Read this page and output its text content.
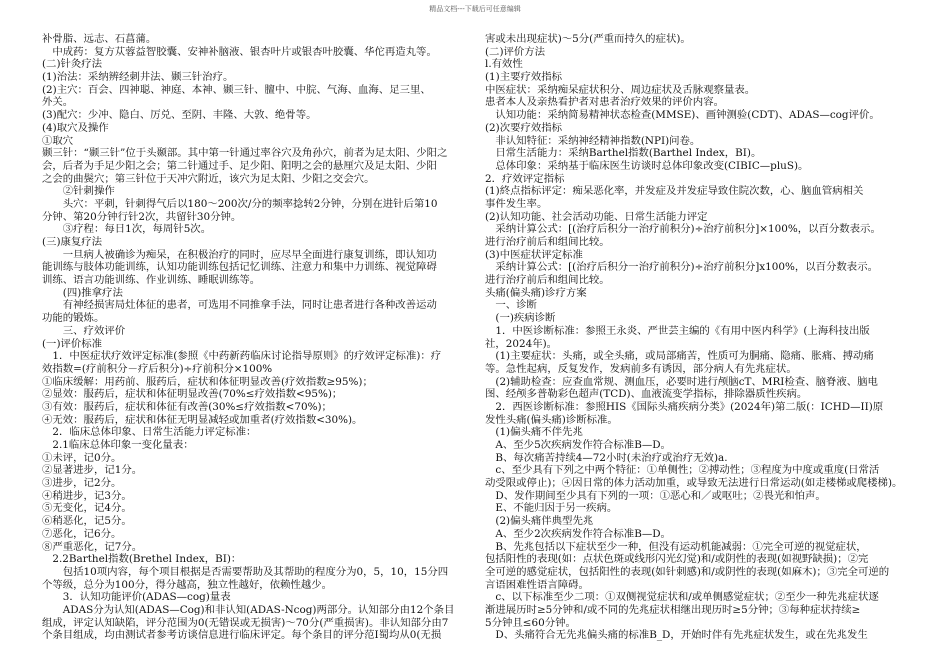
精品文档---下载后可任意编辑
补骨脂、远志、石菖蒲。
　中成药：复方苁蓉益智胶囊、安神补脑液、银杏叶片或银杏叶胶囊、华佗再造丸等。
(二)针灸疗法
(1)治法：采纳辨经刺井法、颞三针治疗。
(2)主穴：百会、四神聪、神庭、本神、颞三针、膻中、中脘、气海、血海、足三里、
外关。
(3)配穴：少冲、隐白、厉兑、至阴、丰隆、大敦、绝骨等。
(4)取穴及操作
①取穴
颞三针：“颞三针”位于头颞部。其中第一针通过率谷穴及角孙穴，前者为足太阳、少阳之
会，后者为手足少阳之会；第二针通过手、足少阳、阳明之会的悬厘穴及足太阳、少阳
之会的曲鬓穴；第三针位于天冲穴附近，该穴为足太阳、少阳之交会穴。
　　②针刺操作
　　头穴：平刺，针刺得气后以180～200次/分的频率捻转2分钟，分别在进针后第10
分钟、第20分钟行针2次，共留针30分钟。
　　③疗程：每日1次，每周针5次。
(三)康复疗法
　　一旦病人被确诊为痴呆，在积极治疗的同时，应尽早全面进行康复训练，即认知功
能训练与肢体功能训练，认知功能训练包括记忆训练、注意力和集中力训练、视觉障碍
训练、语言功能训练、作业训练、睡眠训练等。
　　(四)推拿疗法
　　有神经损害局灶体征的患者，可选用不同推拿手法，同时让患者进行各种改善运动
功能的锻炼。
　　三、疗效评价
(一)评价标准
　1．中医症状疗效评定标准(参照《中药新药临床讨论指导原则》的疗效评定标准)：疗
效指数=(疗前积分－疗后积分)÷疗前积分×100%
①临床缓解：用药前、服药后，症状和体征明显改善(疗效指数≥95%)；
②显效：服药后，症状和体征明显改善(70%≤疗效指数<95%)；
③有效：服药后，症状和体征有改善(30%≤疗效指数<70%)；
④无效：服药后，症状和体征无明显减轻或加重者(疗效指数<30%)。
　2．临床总体印象、日常生活能力评定标准：
　2.1临床总体印象一变化量表：
①未评，记0分。
②显著进步，记1分。
③进步，记2分。
④稍进步，记3分。
⑤无变化，记4分。
⑥稍恶化，记5分。
⑦恶化，记6分。
⑧严重恶化，记7分。
　2.2Barthel指数(Brethel Index，BI)：
　　包括10项内容，每个项目根据是否需要帮助及其帮助的程度分为0，5，10，15分四
个等级，总分为100分，得分越高，独立性越好，依赖性越少。
　　3．认知功能评价(ADAS—cog)量表
　　ADAS分为认知(ADAS—Cog)和非认知(ADAS-Ncog)两部分。认知部分由12个条目
组成，评定认知缺陷，评分范围为0(无错误或无损害)～70分(严重损害)。非认知部分由7
个条目组成，均由测试者参考访谈信息进行临床评定。每个条目的评分范I蜀均从0(无损
害或未出现症状)～5分(严重而持久的症状)。
(二)评价方法
l.有效性
(1)主要疗效指标
中医症状：采纳痴呆症状积分、周边症状及舌脉观察量表。
患者本人及亲热看护者对患者治疗效果的评价内容。
　认知功能：采纳简易精神状态检查(MMSE)、画钟测验(CDT)、ADAS—cog评价。
(2)次要疗效指标
　非认知特征：采纳神经精神指数(NPI)问卷。
　日常生活能力：采纳Barthel指数(Barthel Index，BI)。
　总体印象：采纳基于临床医生访谈时总体印象改变(CIBIC—pluS)。
2．疗效评定指标
(1)終点指标评定：痴呆恶化率，并发症及并发症导致住院次数，心、脑血管病相关
事件发生率。
(2)认知功能、社会活动功能、日常生活能力评定
　采纳计算公式：[(治疗后积分一治疗前积分)÷治疗前积分]×100%，以百分数表示。
进行治疗前后和组间比较。
(3)中医症状评定标准
　采纳计算公式：[(治疗后积分一治疗前积分)÷治疗前积分]x100%，以百分数表示。
进行治疗前后和组间比较。
头痛(偏头痛)诊疗方案
　一、诊断
　(一)疾病诊断
　1．中医诊断标准：参照王永炎、严世芸主编的《有用中医内科学》(上海科技出版
社，2024年)。
　(1)主要症状：头痛，或全头痛，或局部痛苦，性质可为胴痛、隐痛、胀痛、搏动痛
等。急性起病，反复发作，发病前多有诱因，部分病人有先兆症状。
　(2)辅助检查：应查血常规、测血压，必要时进行颅脑cT、MRI检查、脑脊液、脑电
图、经颅多普勒彩色超声(TCD)、血液流变学指标，排除器质性疾病。
　2．西医诊断标准：参照HIS《国际头痛疾病分类》(2024年)第二版(：ICHD—II)原
发性头痛(偏头痛)诊断标准。
　(1)偏头痛不伴先兆
　A、至少5次疾病发作符合标准B—D。
　B、每次痛苦持续4—72小时(未治疗或治疗无效)a.
　c、至少具有下列之中两个特征：①单侧性；②搏动性；③程度为中度或重度(日常活
动受限或停止)；④因日常的体力活动加重，或导致无法进行日常运动(如走楼梯或爬楼梯)。
　D、发作期间至少具有下列的一项：①恶心和／或呕吐；②畏光和怕声。
　E、不能归因于另一疾病。
　(2)偏头痛伴典型先兆
　A、至少2次疾病发作符合标准B—D。
　B、先兆包括以下症状至少一种，但没有运动机能减弱：①完全可逆的视觉症状，
包括阳性的表现(如：点状色斑或线形闪光幻觉)和/或阴性的表现(如视野缺损)；②完
全可逆的感觉症状，包括阳性的表现(如针刺感)和/或阴性的表现(如麻木)；③完全可逆的
言语困难性语言障碍。
　c、以下标准至少二项：①双侧视觉症状和/或单侧感觉症状；②至少一种先兆症状逐
渐进展历时≥5分钟和/或不同的先兆症状相继出现历时≥5分钟；③每种症状持续≥
5分钟且≤60分钟。
　D、头痛符合无先兆偏头痛的标准B_D，开始时伴有先兆症状发生，或在先兆发生
